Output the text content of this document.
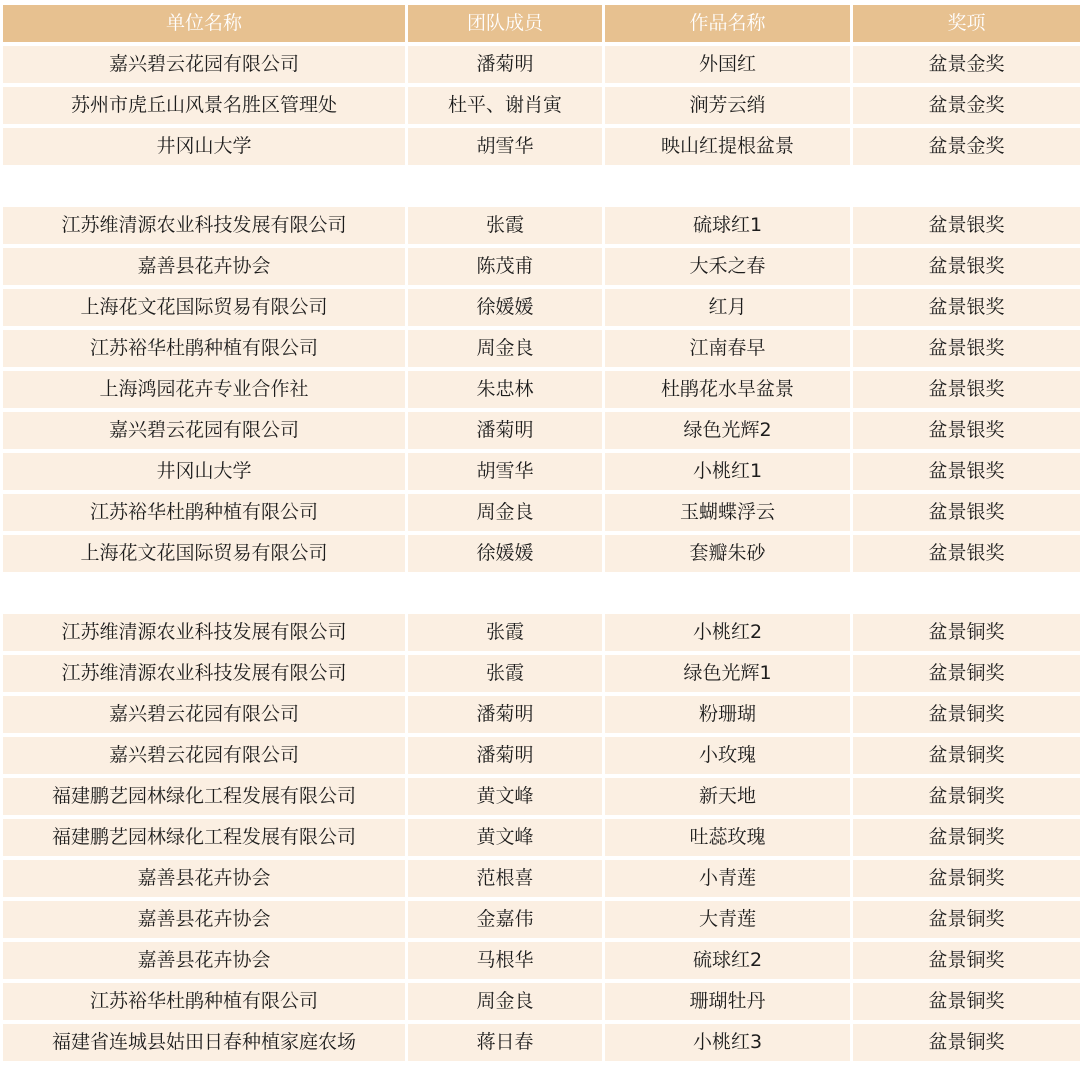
单位名称	团队成员	作品名称	奖项
嘉兴碧云花园有限公司	潘菊明	外国红	盆景金奖
苏州市虎丘山风景名胜区管理处	杜平、谢肖寅	涧芳云绡	盆景金奖
井冈山大学	胡雪华	映山红提根盆景	盆景金奖
江苏维清源农业科技发展有限公司	张霞	硫球红1	盆景银奖
嘉善县花卉协会	陈茂甫	大禾之春	盆景银奖
上海花文花国际贸易有限公司	徐媛媛	红月	盆景银奖
江苏裕华杜鹃种植有限公司	周金良	江南春早	盆景银奖
上海鸿园花卉专业合作社	朱忠林	杜鹃花水旱盆景	盆景银奖
嘉兴碧云花园有限公司	潘菊明	绿色光辉2	盆景银奖
井冈山大学	胡雪华	小桃红1	盆景银奖
江苏裕华杜鹃种植有限公司	周金良	玉蝴蝶浮云	盆景银奖
上海花文花国际贸易有限公司	徐媛媛	套瓣朱砂	盆景银奖
江苏维清源农业科技发展有限公司	张霞	小桃红2	盆景铜奖
江苏维清源农业科技发展有限公司	张霞	绿色光辉1	盆景铜奖
嘉兴碧云花园有限公司	潘菊明	粉珊瑚	盆景铜奖
嘉兴碧云花园有限公司	潘菊明	小玫瑰	盆景铜奖
福建鹏艺园林绿化工程发展有限公司	黄文峰	新天地	盆景铜奖
福建鹏艺园林绿化工程发展有限公司	黄文峰	吐蕊玫瑰	盆景铜奖
嘉善县花卉协会	范根喜	小青莲	盆景铜奖
嘉善县花卉协会	金嘉伟	大青莲	盆景铜奖
嘉善县花卉协会	马根华	硫球红2	盆景铜奖
江苏裕华杜鹃种植有限公司	周金良	珊瑚牡丹	盆景铜奖
福建省连城县姑田日春种植家庭农场	蒋日春	小桃红3	盆景铜奖
